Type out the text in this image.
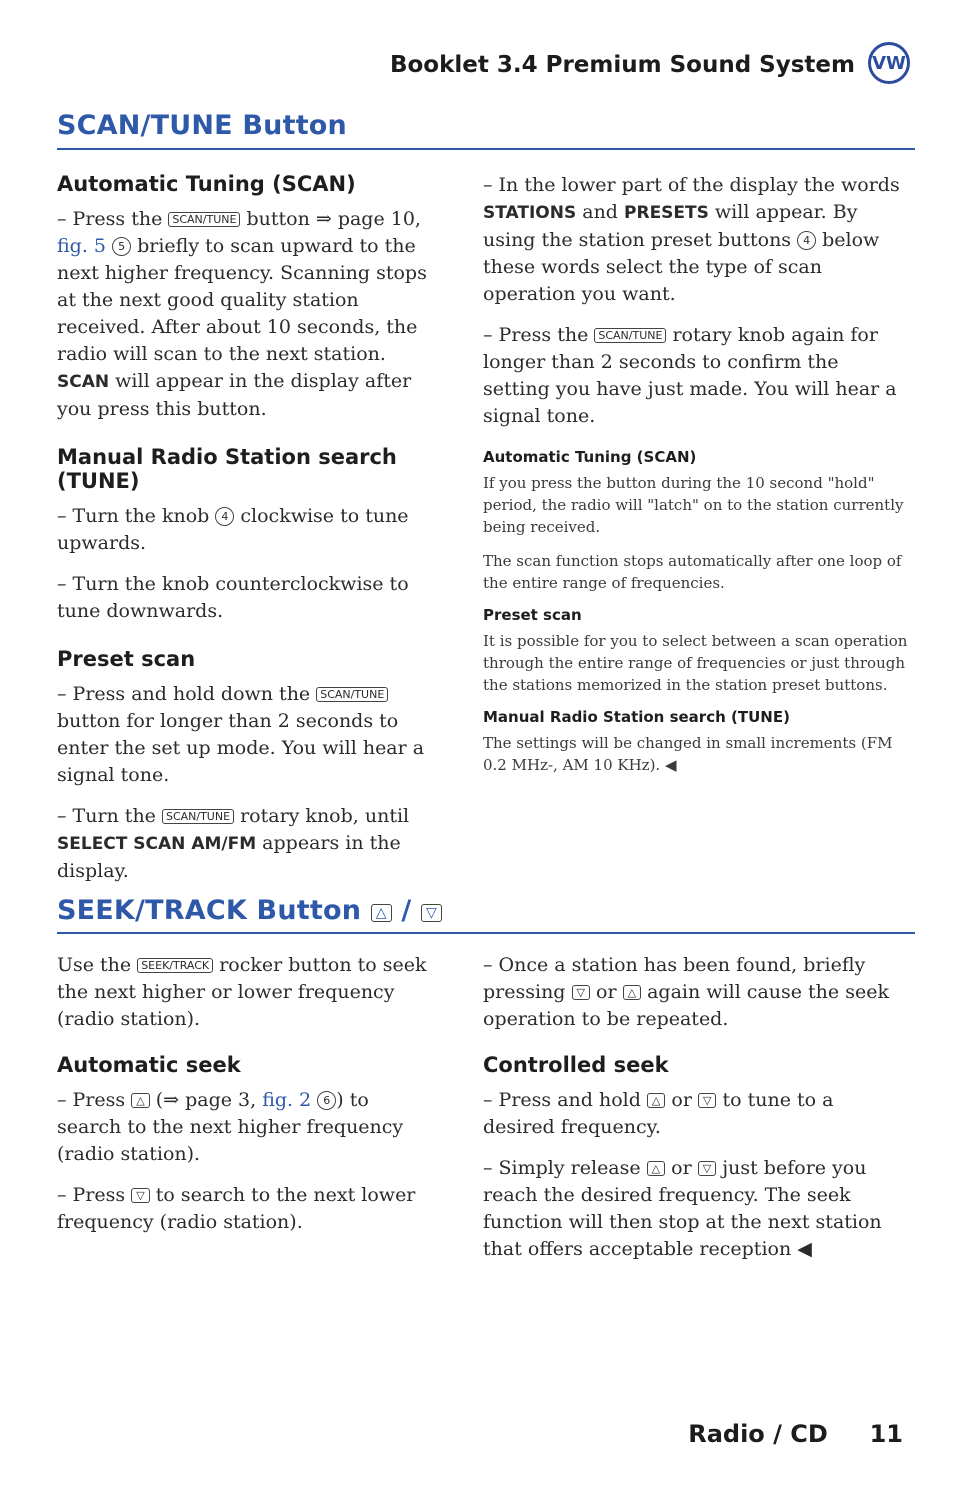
Booklet 3.4 Premium Sound System VW
SCAN/TUNE Button
Automatic Tuning (SCAN)

– Press the SCAN/TUNE button ⇒ page 10, fig. 5 5 briefly to scan upward to the next higher frequency. Scanning stops at the next good quality station received. After about 10 seconds, the radio will scan to the next station. SCAN will appear in the display after you press this button.

Manual Radio Station search (TUNE)

– Turn the knob 4 clockwise to tune upwards.

– Turn the knob counterclockwise to tune downwards.

Preset scan

– Press and hold down the SCAN/TUNE button for longer than 2 seconds to enter the set up mode. You will hear a signal tone.

– Turn the SCAN/TUNE rotary knob, until SELECT SCAN AM/FM appears in the display.

– In the lower part of the display the words STATIONS and PRESETS will appear. By using the station preset buttons 4 below these words select the type of scan operation you want.

– Press the SCAN/TUNE rotary knob again for longer than 2 seconds to confirm the setting you have just made. You will hear a signal tone.

Automatic Tuning (SCAN)

If you press the button during the 10 second "hold" period, the radio will "latch" on to the station currently being received.

The scan function stops automatically after one loop of the entire range of frequencies.

Preset scan

It is possible for you to select between a scan operation through the entire range of frequencies or just through the stations memorized in the station preset buttons.

Manual Radio Station search (TUNE)

The settings will be changed in small increments (FM 0.2 MHz-, AM 10 KHz). ◀

SEEK/TRACK Button △ / ▽

Use the SEEK/TRACK rocker button to seek the next higher or lower frequency (radio station).

Automatic seek

– Press △ (⇒ page 3, fig. 2 6 ) to search to the next higher frequency (radio station).

– Press ▽ to search to the next lower frequency (radio station).

– Once a station has been found, briefly pressing ▽ or △ again will cause the seek operation to be repeated.

Controlled seek

– Press and hold △ or ▽ to tune to a desired frequency.

– Simply release △ or ▽ just before you reach the desired frequency. The seek function will then stop at the next station that offers acceptable reception ◀

Radio / CD 11
